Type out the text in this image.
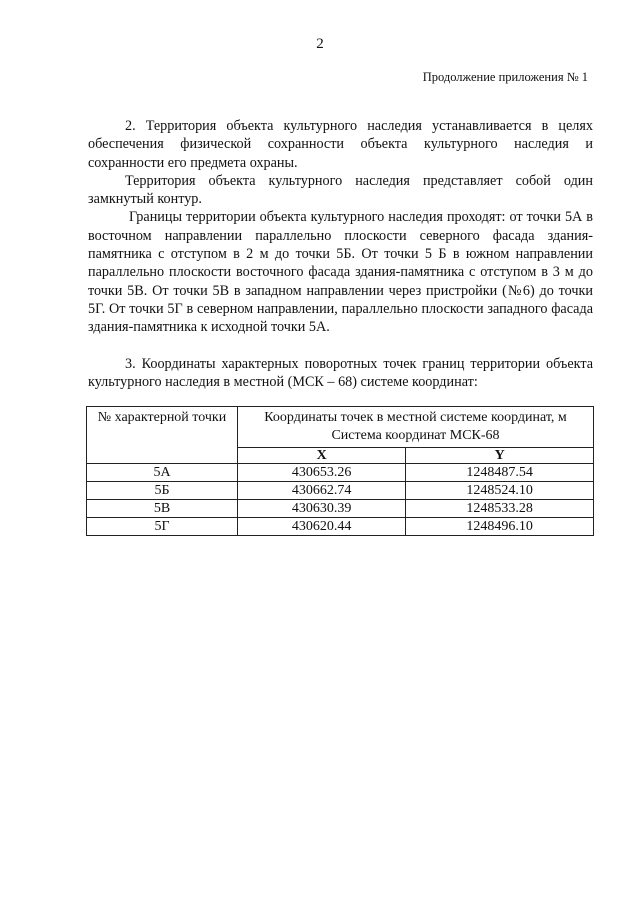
2
Продолжение приложения № 1

2. Территория объекта культурного наследия устанавливается в целях обеспечения физической сохранности объекта культурного наследия и сохранности его предмета охраны.

Территория объекта культурного наследия представляет собой один замкнутый контур.

Границы территории объекта культурного наследия проходят: от точки 5А в восточном направлении параллельно плоскости северного фасада здания-памятника с отступом в 2 м до точки 5Б. От точки 5 Б в южном направлении параллельно плоскости восточного фасада здания-памятника с отступом в 3 м до точки 5В. От точки 5В в западном направлении через пристройки (№6) до точки 5Г. От точки 5Г в северном направлении, параллельно плоскости западного фасада здания-памятника к исходной точки 5А.

3. Координаты характерных поворотных точек границ территории объекта культурного наследия в местной (МСК – 68) системе координат:

№ характерной точки	Координаты точек в местной системе координат, м Система координат МСК-68	
	X	Y
5А	430653.26	1248487.54
5Б	430662.74	1248524.10
5В	430630.39	1248533.28
5Г	430620.44	1248496.10
